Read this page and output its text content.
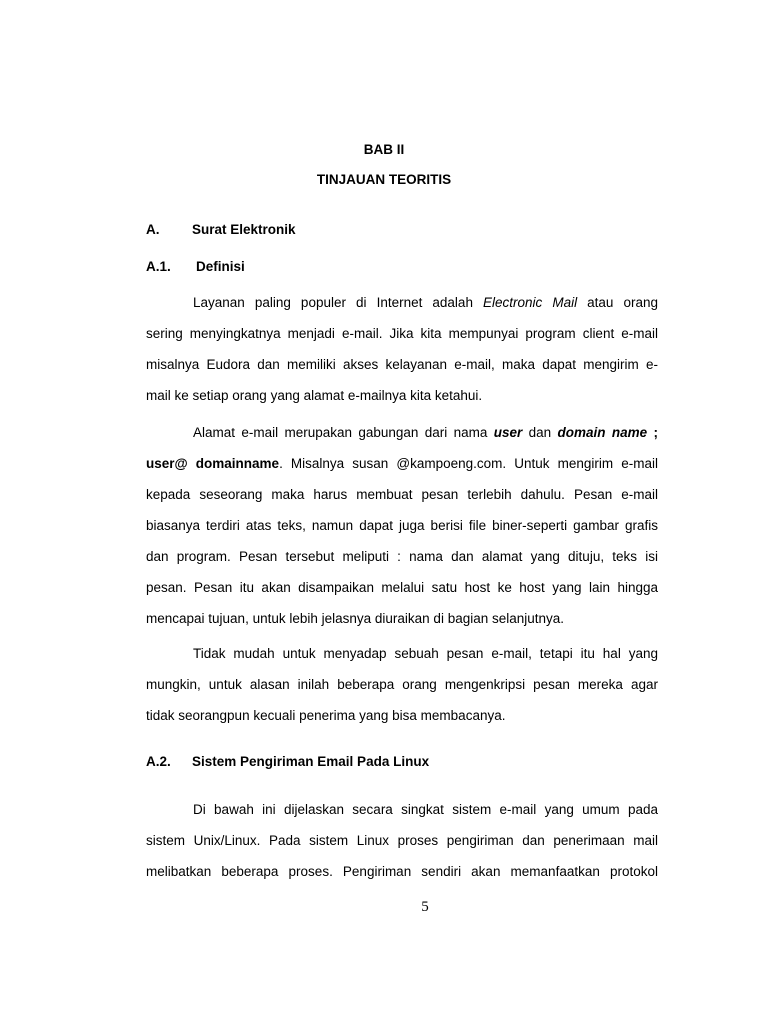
BAB II
TINJAUAN TEORITIS
A. Surat Elektronik
A.1. Definisi
Layanan paling populer di Internet adalah Electronic Mail atau orang
sering menyingkatnya menjadi e-mail. Jika kita mempunyai program client e-mail
misalnya Eudora dan memiliki akses kelayanan e-mail, maka dapat mengirim e-
mail ke setiap orang yang alamat e-mailnya kita ketahui.
Alamat e-mail merupakan gabungan dari nama user dan domain name ;
user@ domainname. Misalnya susan @kampoeng.com. Untuk mengirim e-mail
kepada seseorang maka harus membuat pesan terlebih dahulu. Pesan e-mail
biasanya terdiri atas teks, namun dapat juga berisi file biner-seperti gambar grafis
dan program. Pesan tersebut meliputi : nama dan alamat yang dituju, teks isi
pesan. Pesan itu akan disampaikan melalui satu host ke host yang lain hingga
mencapai tujuan, untuk lebih jelasnya diuraikan di bagian selanjutnya.
Tidak mudah untuk menyadap sebuah pesan e-mail, tetapi itu hal yang
mungkin, untuk alasan inilah beberapa orang mengenkripsi pesan mereka agar
tidak seorangpun kecuali penerima yang bisa membacanya.
A.2. Sistem Pengiriman Email Pada Linux
Di bawah ini dijelaskan secara singkat sistem e-mail yang umum pada
sistem Unix/Linux. Pada sistem Linux proses pengiriman dan penerimaan mail
melibatkan beberapa proses. Pengiriman sendiri akan memanfaatkan protokol
5
